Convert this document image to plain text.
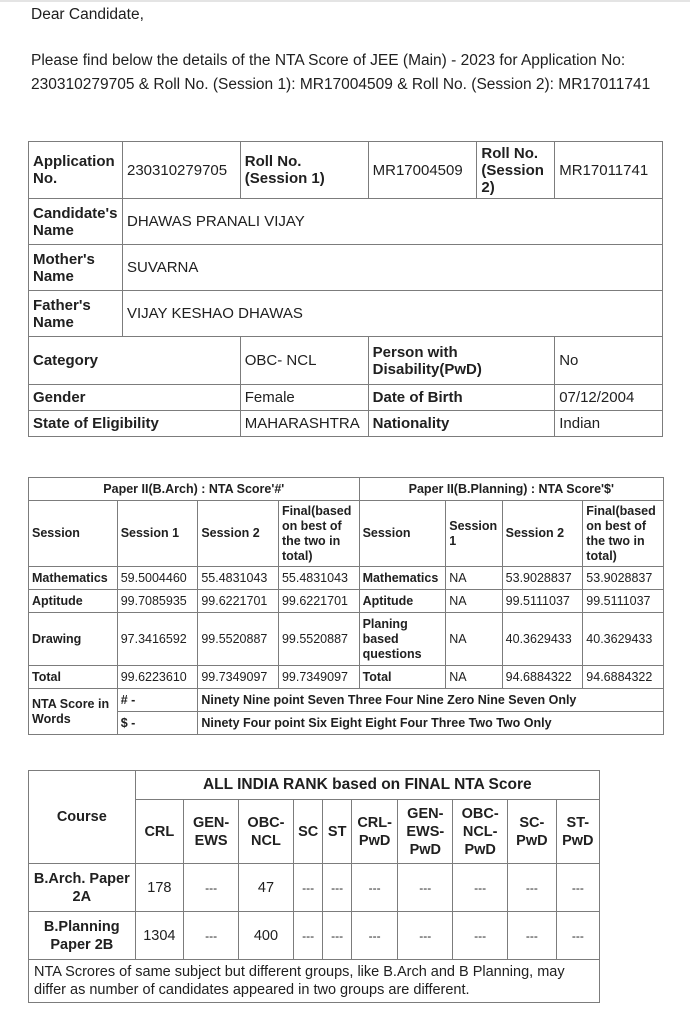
Dear Candidate,
Please find below the details of the NTA Score of JEE (Main) - 2023 for Application No: 230310279705 & Roll No. (Session 1): MR17004509 & Roll No. (Session 2): MR17011741
Application No.	230310279705	Roll No. (Session 1)	MR17004509	Roll No. (Session 2)	MR17011741
Candidate's Name	DHAWAS PRANALI VIJAY				
Mother's Name	SUVARNA				
Father's Name	VIJAY KESHAO DHAWAS				
Category		OBC- NCL	Person with Disability(PwD)		No
Gender		Female	Date of Birth		07/12/2004
State of Eligibility		MAHARASHTRA	Nationality		Indian
Paper II(B.Arch) : NTA Score'#'				Paper II(B.Planning) : NTA Score'$'			
Session	Session 1	Session 2	Final(based on best of the two in total)	Session	Session 1	Session 2	Final(based on best of the two in total)
Mathematics	59.5004460	55.4831043	55.4831043	Mathematics	NA	53.9028837	53.9028837
Aptitude	99.7085935	99.6221701	99.6221701	Aptitude	NA	99.5111037	99.5111037
Drawing	97.3416592	99.5520887	99.5520887	Planing based questions	NA	40.3629433	40.3629433
Total	99.6223610	99.7349097	99.7349097	Total	NA	94.6884322	94.6884322
NTA Score in Words	# -	Ninety Nine point Seven Three Four Nine Zero Nine Seven Only					
	$ -	Ninety Four point Six Eight Eight Four Three Two Two Only					
Course	ALL INDIA RANK based on FINAL NTA Score									
	CRL	GEN-EWS	OBC-NCL	SC	ST	CRL-PwD	GEN-EWS-PwD	OBC-NCL-PwD	SC-PwD	ST-PwD
B.Arch. Paper 2A	178	---	47	---	---	---	---	---	---	---
B.Planning Paper 2B	1304	---	400	---	---	---	---	---	---	---
NTA Scrores of same subject but different groups, like B.Arch and B Planning, may differ as number of candidates appeared in two groups are different.										
